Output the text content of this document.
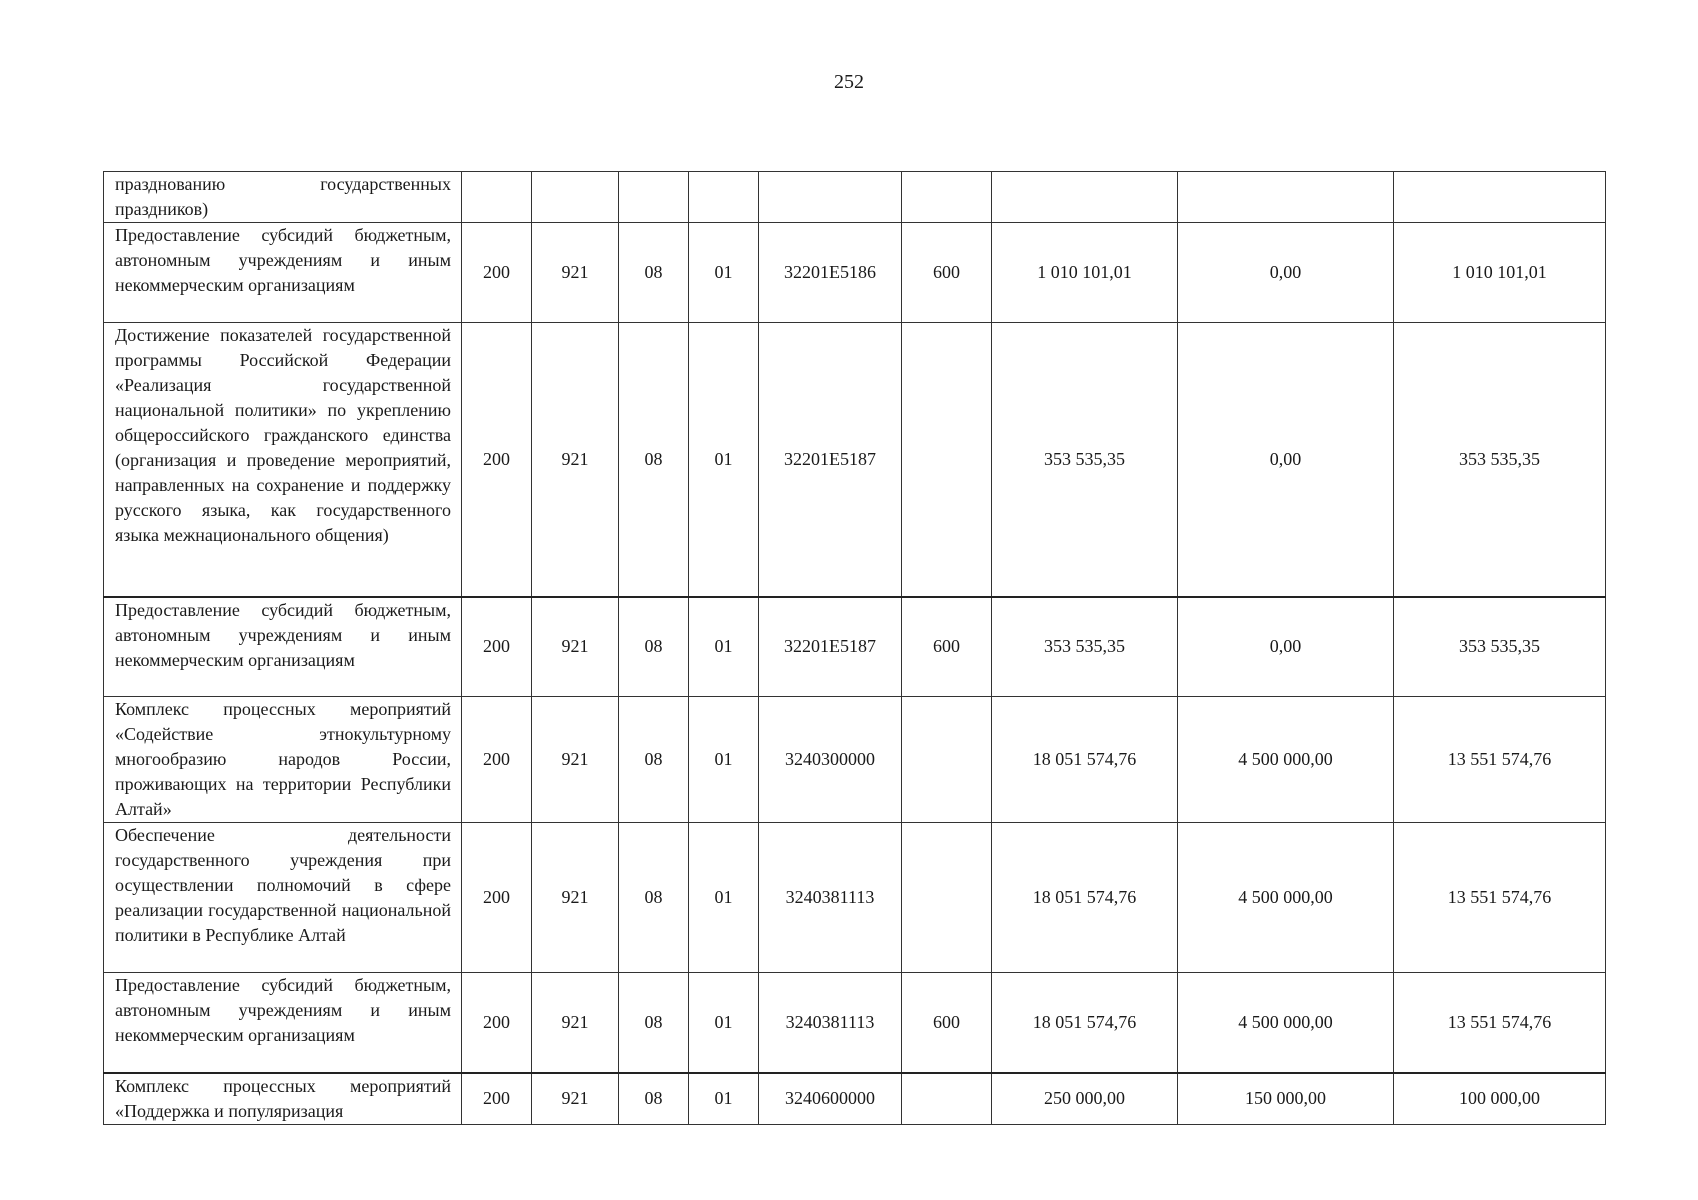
252
празднованию государственных праздников)									
Предоставление субсидий бюджетным, автономным учреждениям и иным некоммерческим организациям	200	921	08	01	32201E5186	600	1 010 101,01	0,00	1 010 101,01
Достижение показателей государственной программы Российской Федерации «Реализация государственной национальной политики» по укреплению общероссийского гражданского единства (организация и проведение мероприятий, направленных на сохранение и поддержку русского языка, как государственного языка межнационального общения)	200	921	08	01	32201E5187		353 535,35	0,00	353 535,35
Предоставление субсидий бюджетным, автономным учреждениям и иным некоммерческим организациям	200	921	08	01	32201E5187	600	353 535,35	0,00	353 535,35
Комплекс процессных мероприятий «Содействие этнокультурному многообразию народов России, проживающих на территории Республики Алтай»	200	921	08	01	3240300000		18 051 574,76	4 500 000,00	13 551 574,76
Обеспечение деятельности государственного учреждения при осуществлении полномочий в сфере реализации государственной национальной политики в Республике Алтай	200	921	08	01	3240381113		18 051 574,76	4 500 000,00	13 551 574,76
Предоставление субсидий бюджетным, автономным учреждениям и иным некоммерческим организациям	200	921	08	01	3240381113	600	18 051 574,76	4 500 000,00	13 551 574,76
Комплекс процессных мероприятий «Поддержка и популяризация	200	921	08	01	3240600000		250 000,00	150 000,00	100 000,00
